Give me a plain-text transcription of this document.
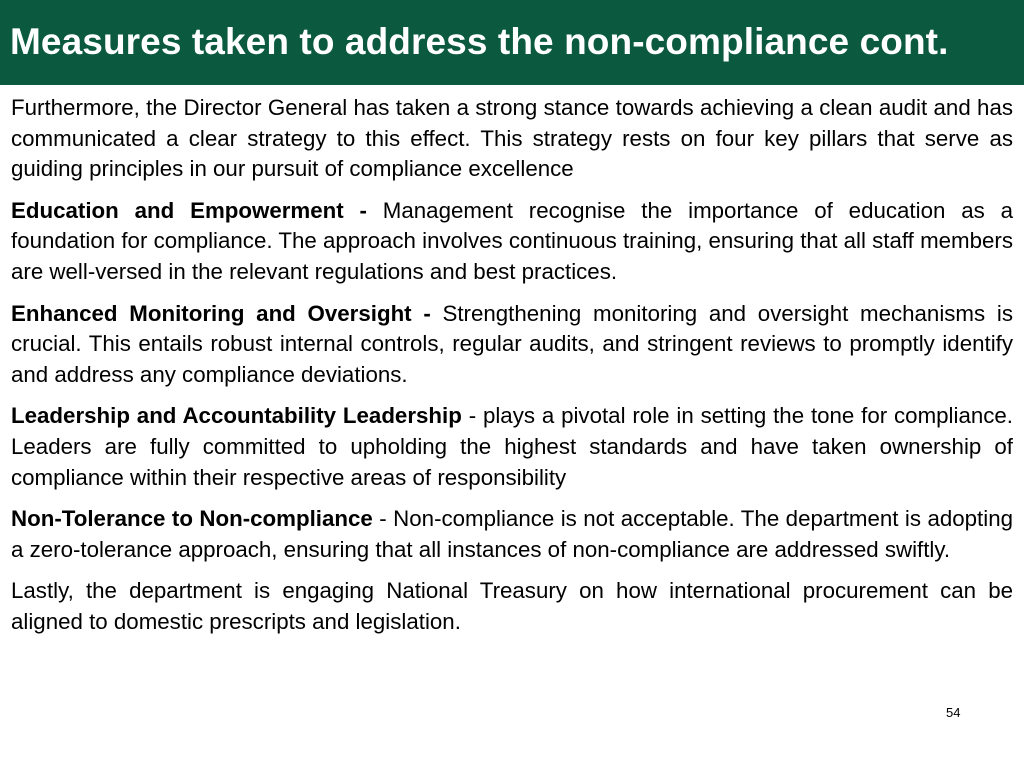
Measures taken to address the non-compliance cont.

Furthermore, the Director General has taken a strong stance towards achieving a clean audit and has communicated a clear strategy to this effect. This strategy rests on four key pillars that serve as guiding principles in our pursuit of compliance excellence

Education and Empowerment - Management recognise the importance of education as a foundation for compliance. The approach involves continuous training, ensuring that all staff members are well-versed in the relevant regulations and best practices.

Enhanced Monitoring and Oversight - Strengthening monitoring and oversight mechanisms is crucial. This entails robust internal controls, regular audits, and stringent reviews to promptly identify and address any compliance deviations.

Leadership and Accountability Leadership - plays a pivotal role in setting the tone for compliance. Leaders are fully committed to upholding the highest standards and have taken ownership of compliance within their respective areas of responsibility

Non-Tolerance to Non-compliance - Non-compliance is not acceptable. The department is adopting a zero-tolerance approach, ensuring that all instances of non-compliance are addressed swiftly.

Lastly, the department is engaging National Treasury on how international procurement can be aligned to domestic prescripts and legislation.

54
